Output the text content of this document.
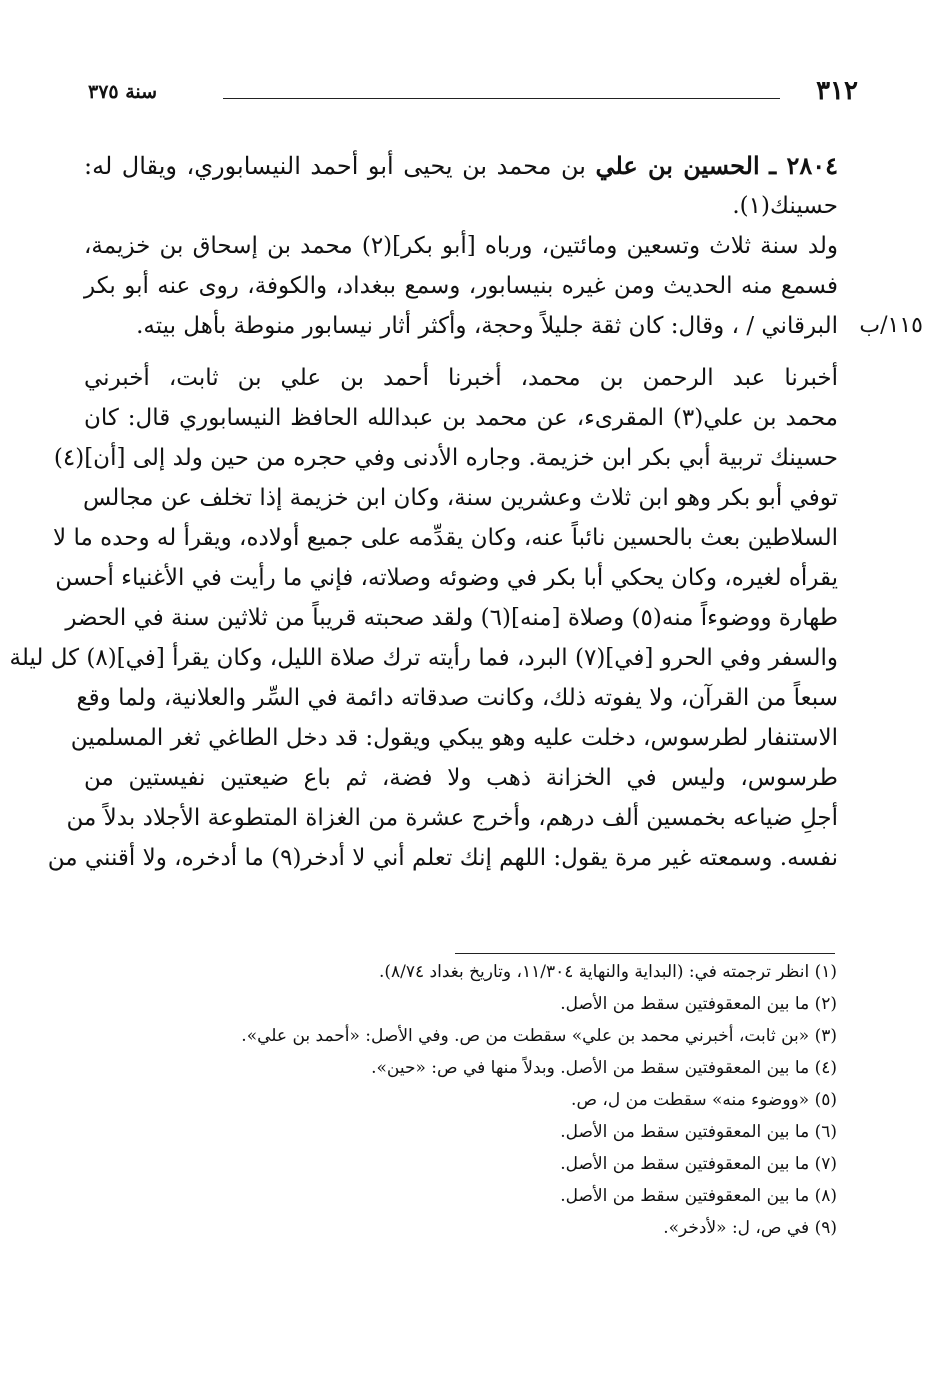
٣١٢
سنة ٣٧٥
١١٥/ب
٢٨٠٤ ـ الحسين بن علي بن محمد بن يحيى أبو أحمد النيسابوري، ويقال له:
حسينك(١).
ولد سنة ثلاث وتسعين ومائتين، ورباه [أبو بكر](٢) محمد بن إسحاق بن خزيمة،
فسمع منه الحديث ومن غيره بنيسابور، وسمع ببغداد، والكوفة، روى عنه أبو بكر
البرقاني / ، وقال: كان ثقة جليلاً وحجة، وأكثر أثار نيسابور منوطة بأهل بيته.
أخبرنا عبد الرحمن بن محمد، أخبرنا أحمد بن علي بن ثابت، أخبرني
محمد بن علي(٣) المقرىء، عن محمد بن عبدالله الحافظ النيسابوري قال: كان
حسينك تربية أبي بكر ابن خزيمة. وجاره الأدنى وفي حجره من حين ولد إلى [أن](٤)
توفي أبو بكر وهو ابن ثلاث وعشرين سنة، وكان ابن خزيمة إذا تخلف عن مجالس
السلاطين بعث بالحسين نائباً عنه، وكان يقدِّمه على جميع أولاده، ويقرأ له وحده ما لا
يقرأه لغيره، وكان يحكي أبا بكر في وضوئه وصلاته، فإني ما رأيت في الأغنياء أحسن
طهارة ووضوءاً منه(٥) وصلاة [منه](٦) ولقد صحبته قريباً من ثلاثين سنة في الحضر
والسفر وفي الحرو [في](٧) البرد، فما رأيته ترك صلاة الليل، وكان يقرأ [في](٨) كل ليلة
سبعاً من القرآن، ولا يفوته ذلك، وكانت صدقاته دائمة في السِّر والعلانية، ولما وقع
الاستنفار لطرسوس، دخلت عليه وهو يبكي ويقول: قد دخل الطاغي ثغر المسلمين
طرسوس، وليس في الخزانة ذهب ولا فضة، ثم باع ضيعتين نفيستين من
أجلِ ضياعه بخمسين ألف درهم، وأخرج عشرة من الغزاة المتطوعة الأجلاد بدلاً من
نفسه. وسمعته غير مرة يقول: اللهم إنك تعلم أني لا أدخر(٩) ما أدخره، ولا أقنني من
(١) انظر ترجمته في: (البداية والنهاية ١١/٣٠٤، وتاريخ بغداد ٨/٧٤).
(٢) ما بين المعقوفتين سقط من الأصل.
(٣) «بن ثابت، أخبرني محمد بن علي» سقطت من ص. وفي الأصل: «أحمد بن علي».
(٤) ما بين المعقوفتين سقط من الأصل. وبدلاً منها في ص: «حين».
(٥) «ووضوء منه» سقطت من ل، ص.
(٦) ما بين المعقوفتين سقط من الأصل.
(٧) ما بين المعقوفتين سقط من الأصل.
(٨) ما بين المعقوفتين سقط من الأصل.
(٩) في ص، ل: «لأدخر».
